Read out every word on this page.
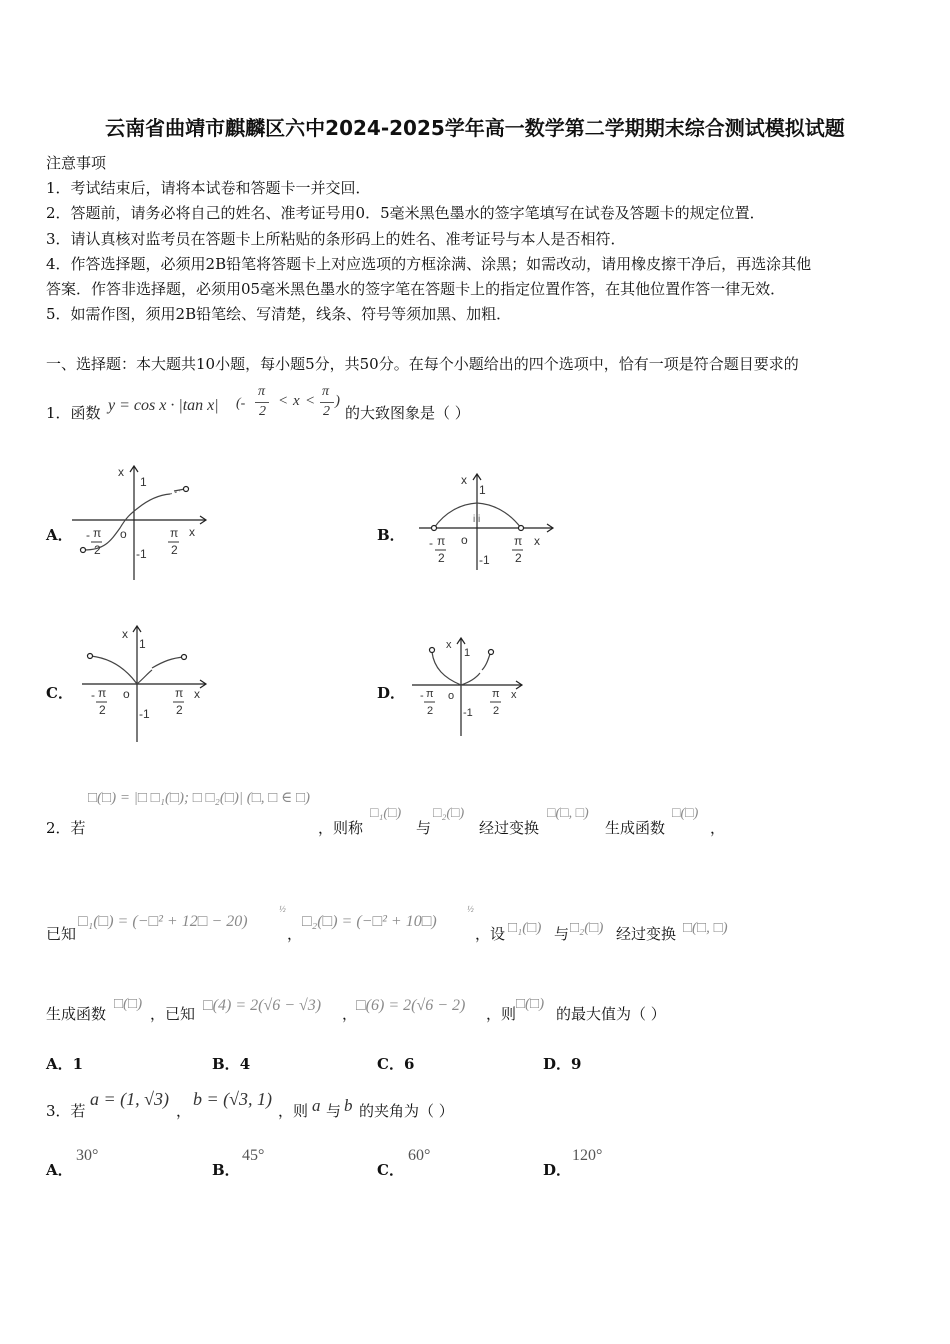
云南省曲靖市麒麟区六中2024-2025学年高一数学第二学期期末综合测试模拟试题
注意事项
1．考试结束后，请将本试卷和答题卡一并交回．
2．答题前，请务必将自己的姓名、准考证号用0．5毫米黑色墨水的签字笔填写在试卷及答题卡的规定位置．
3．请认真核对监考员在答题卡上所粘贴的条形码上的姓名、准考证号与本人是否相符．
4．作答选择题，必须用2B铅笔将答题卡上对应选项的方框涂满、涂黑；如需改动，请用橡皮擦干净后，再选涂其他
答案．作答非选择题，必须用05毫米黑色墨水的签字笔在答题卡上的指定位置作答，在其他位置作答一律无效．
5．如需作图，须用2B铅笔绘、写清楚，线条、符号等须加黑、加粗．
一、选择题：本大题共10小题，每小题5分，共50分。在每个小题给出的四个选项中，恰有一项是符合题目要求的
1．函数 y = cos x · |tan x| (-
π
2
< x <
π
2
)
的大致图象是（ ）
A．
x
1
x
o
-1
- π
2
π
2
B．
x
1
i i
x
o
-1
- π
2
π
2
C．
x
1
x
o
-1
- π
2
π
2
D．
x
1
x
o
-1
- π
2
π
2
□(□) = |□ □₁(□); □ □₂(□)| (□, □ ∈ □)
2．若	，则称
□₁(□)
与
□₂(□)
经过变换
□(□, □)
生成函数
□(□)
，
已知
□₁(□) = (−□² + 12□ − 20)
½
，
□₂(□) = (−□² + 10□)
½
，设 □₁(□) 与 □₂(□) 经过变换 □(□, □)
生成函数
□(□)
，已知 □(4) = 2(√6 − √3) ，
□(6) = 2(√6 − 2) ，则
□(□)
的最大值为（ ）
A．1	B．4	C．6	D．9
3．若
a = (1, √3)
，
b = (√3, 1)
，则 a 与 b 的夹角为（ ）
A．
30°
B．
45°
C．
60°
D．
120°
